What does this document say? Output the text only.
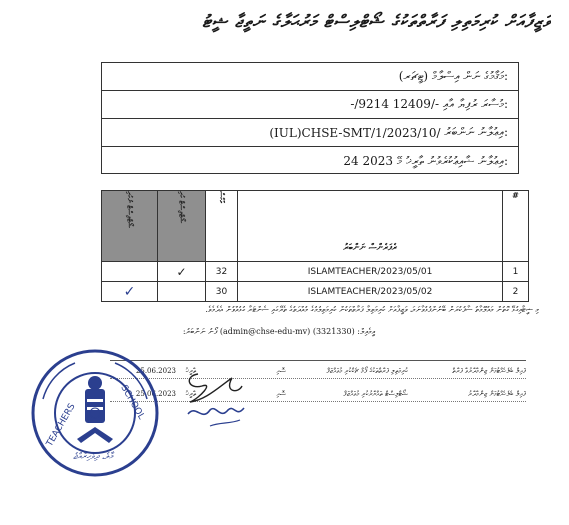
ވަޒީފާއަށް ކުރިމަތިލި ފަރާތްތަކުގެ ޝޯޓްލިސްޓް މަރުޙަލާގެ ނަތީޖާ ޝީޓު
އިސްލާމް (ޓީޗަރ)
މަޤާމުގެ ނަން:
-/9214 ރުފިޔާ އާއި -/12409
މުސާރަ:
(IUL)CHSE-SMT/1/2023/10/
އިޢުލާނު ނަންބަރު:
24 މޭ 2023
އިޢުލާނު ޝާއިޢުކުރެވުނު ތާރީޚު:
ޝޯޓްލިސްޓް ނުކުރި	ޝޯޓްލިސްޓް ކުރި	މާކްސް	ރެފަރެންސް ނަންބަރު	#
	✓	32	ISLAMTEACHER/2023/05/01	1
✓		30	ISLAMTEACHER/2023/05/02	2
މި ޝީޓާއިގުޅޭ ގޮތުން މައުލޫމާތު ސާފުކުރަން ބޭނުންފުޅުވާނަމަ، ވަޒީފާއަށް ކުރިމަތިލާ ފަރާތްތަކުން ކުރިމަތިލުމުގެ މުއްދަތުގެ ތެރޭގައި ސެންޓަރާ ގުޅުއްވުން އެދެމެވެ.
އީމެއިލް: (admin@chse-edu-mv) (3321330) ފޯނު ނަންބަރު:
ފައިލް ބެލެހެއްޓުމަށް ޒިންމާދާރުވާ ފަރާތް
ކުރިމަތިލި ފަރާތްތަކުގެ ފޯމް ޗެކްކުރި މުވައްޒަފް
ސޮއި
ތާރީޚު
25.06.2023
ފައިލް ބެލެހެއްޓުމަށް ޒިންމާދާރު
ޝޯޓްލިސްޓް ތައްޔާރުކުރި މުވައްޒަފް
ސޮއި
ތާރީޚު
25.06.2023
TEACHERS	SCHOOL
މާލެ، ދިވެހިރާއްޖެ
